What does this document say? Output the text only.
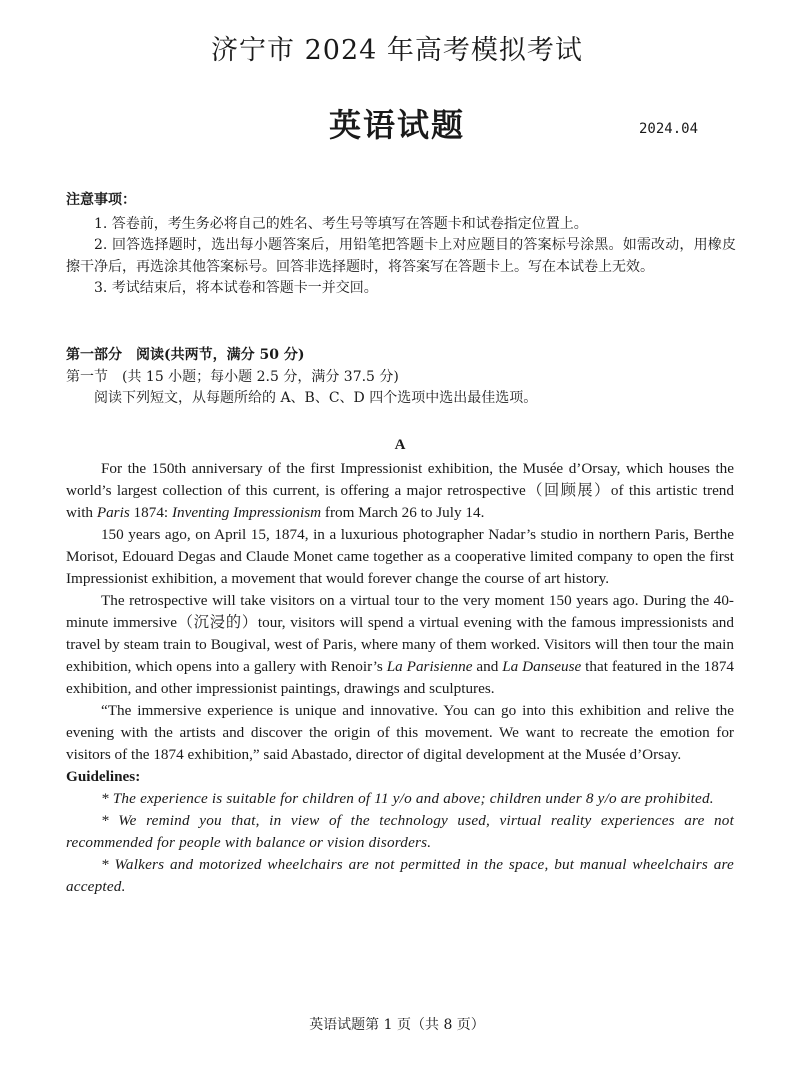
济宁市 2024 年高考模拟考试
英语试题	2024.04
注意事项：

1. 答卷前，考生务必将自己的姓名、考生号等填写在答题卡和试卷指定位置上。

2. 回答选择题时，选出每小题答案后，用铅笔把答题卡上对应题目的答案标号涂黑。如需改动，用橡皮擦干净后，再选涂其他答案标号。回答非选择题时，将答案写在答题卡上。写在本试卷上无效。

3. 考试结束后，将本试卷和答题卡一并交回。

第一部分　阅读(共两节，满分 50 分)
第一节　(共 15 小题；每小题 2.5 分，满分 37.5 分)
阅读下列短文，从每题所给的 A、B、C、D 四个选项中选出最佳选项。
A

For the 150th anniversary of the first Impressionist exhibition, the Musée d’Orsay, which houses the world’s largest collection of this current, is offering a major retrospective（回顾展）of this artistic trend with Paris 1874: Inventing Impressionism from March 26 to July 14.

150 years ago, on April 15, 1874, in a luxurious photographer Nadar’s studio in northern Paris, Berthe Morisot, Edouard Degas and Claude Monet came together as a cooperative limited company to open the first Impressionist exhibition, a movement that would forever change the course of art history.

The retrospective will take visitors on a virtual tour to the very moment 150 years ago. During the 40-minute immersive（沉浸的）tour, visitors will spend a virtual evening with the famous impressionists and travel by steam train to Bougival, west of Paris, where many of them worked. Visitors will then tour the main exhibition, which opens into a gallery with Renoir’s La Parisienne and La Danseuse that featured in the 1874 exhibition, and other impressionist paintings, drawings and sculptures.

“The immersive experience is unique and innovative. You can go into this exhibition and relive the evening with the artists and discover the origin of this movement. We want to recreate the emotion for visitors of the 1874 exhibition,” said Abastado, director of digital development at the Musée d’Orsay.

Guidelines:

* The experience is suitable for children of 11 y/o and above; children under 8 y/o are prohibited.

* We remind you that, in view of the technology used, virtual reality experiences are not recommended for people with balance or vision disorders.

* Walkers and motorized wheelchairs are not permitted in the space, but manual wheelchairs are accepted.

英语试题第 1 页（共 8 页）
